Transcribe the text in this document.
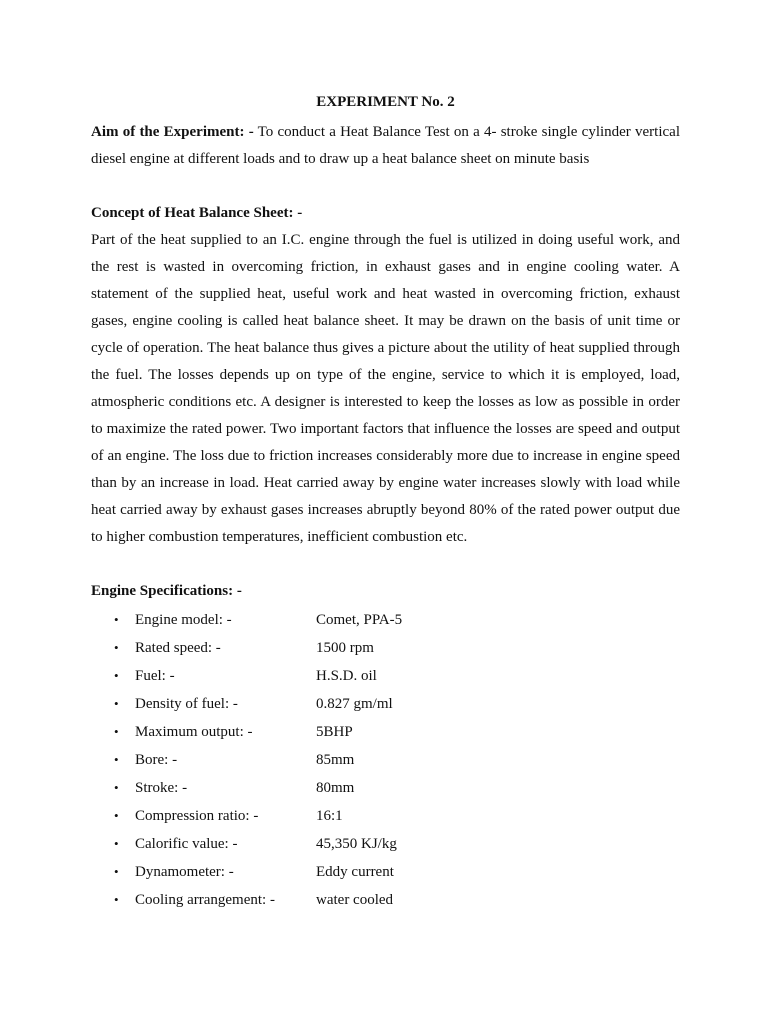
EXPERIMENT No. 2

Aim of the Experiment: - To conduct a Heat Balance Test on a 4- stroke single cylinder vertical diesel engine at different loads and to draw up a heat balance sheet on minute basis

Concept of Heat Balance Sheet: -

Part of the heat supplied to an I.C. engine through the fuel is utilized in doing useful work, and the rest is wasted in overcoming friction, in exhaust gases and in engine cooling water. A statement of the supplied heat, useful work and heat wasted in overcoming friction, exhaust gases, engine cooling is called heat balance sheet. It may be drawn on the basis of unit time or cycle of operation. The heat balance thus gives a picture about the utility of heat supplied through the fuel. The losses depends up on type of the engine, service to which it is employed, load, atmospheric conditions etc. A designer is interested to keep the losses as low as possible in order to maximize the rated power. Two important factors that influence the losses are speed and output of an engine. The loss due to friction increases considerably more due to increase in engine speed than by an increase in load. Heat carried away by engine water increases slowly with load while heat carried away by exhaust gases increases abruptly beyond 80% of the rated power output due to higher combustion temperatures, inefficient combustion etc.

Engine Specifications: -
• Engine model: -	Comet, PPA-5
• Rated speed: -	1500 rpm
• Fuel: -	H.S.D. oil
• Density of fuel: -	0.827 gm/ml
• Maximum output: -	5BHP
• Bore: -	85mm
• Stroke: -	80mm
• Compression ratio: -	16:1
• Calorific value: -	45,350 KJ/kg
• Dynamometer: -	Eddy current
• Cooling arrangement: -	water cooled
